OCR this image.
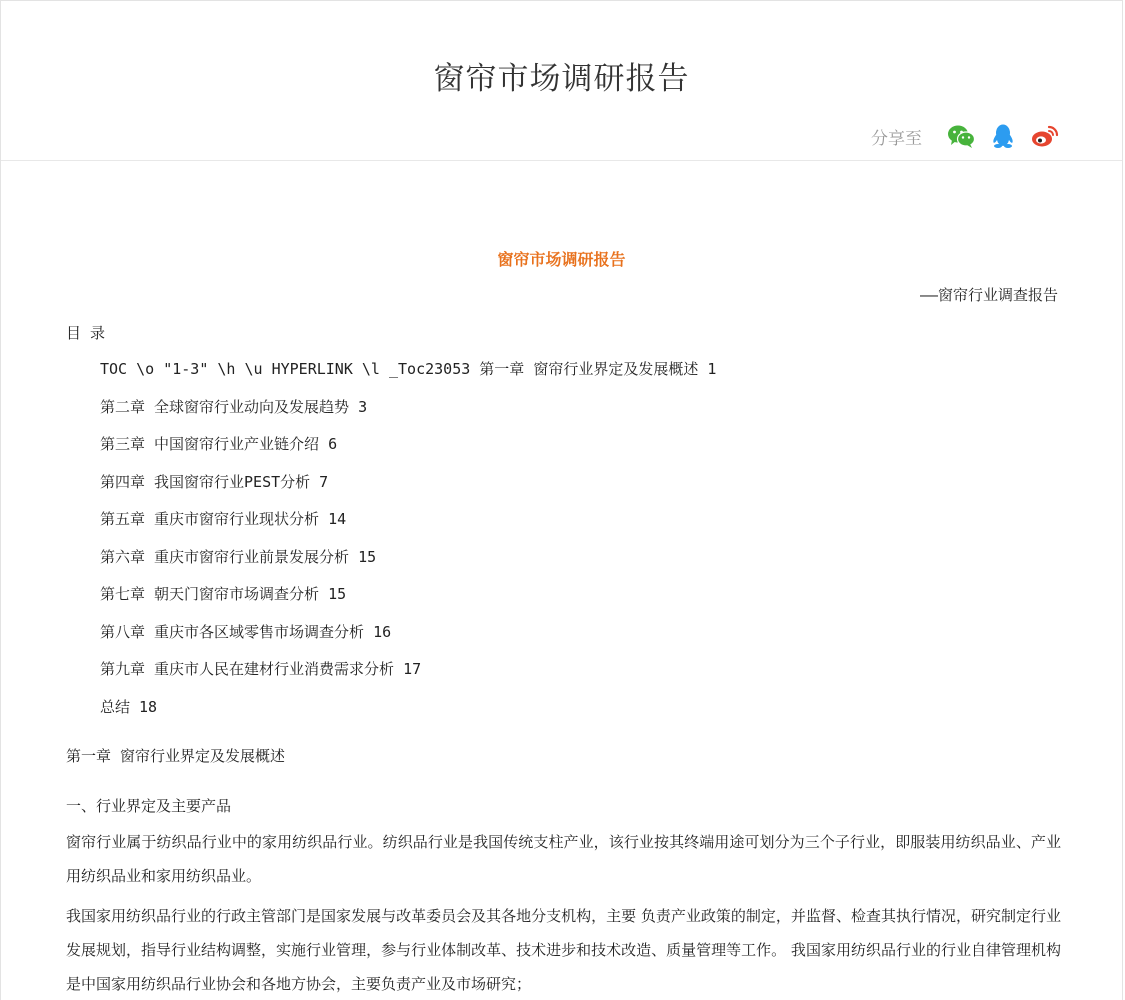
窗帘市场调研报告
分享至
窗帘市场调研报告
——窗帘行业调查报告
目 录
TOC \o "1-3" \h \u HYPERLINK \l _Toc23053 第一章 窗帘行业界定及发展概述 1
第二章 全球窗帘行业动向及发展趋势 3
第三章 中国窗帘行业产业链介绍 6
第四章 我国窗帘行业PEST分析 7
第五章 重庆市窗帘行业现状分析 14
第六章 重庆市窗帘行业前景发展分析 15
第七章 朝天门窗帘市场调查分析 15
第八章 重庆市各区域零售市场调查分析 16
第九章 重庆市人民在建材行业消费需求分析 17
总结 18
第一章 窗帘行业界定及发展概述
一、行业界定及主要产品
窗帘行业属于纺织品行业中的家用纺织品行业。纺织品行业是我国传统支柱产业，该行业按其终端用途可划分为三个子行业，即服装用纺织品业、产业用纺织品业和家用纺织品业。
我国家用纺织品行业的行政主管部门是国家发展与改革委员会及其各地分支机构，主要 负责产业政策的制定，并监督、检查其执行情况，研究制定行业发展规划，指导行业结构调整，实施行业管理，参与行业体制改革、技术进步和技术改造、质量管理等工作。 我国家用纺织品行业的行业自律管理机构是中国家用纺织品行业协会和各地方协会，主要负责产业及市场研究；
